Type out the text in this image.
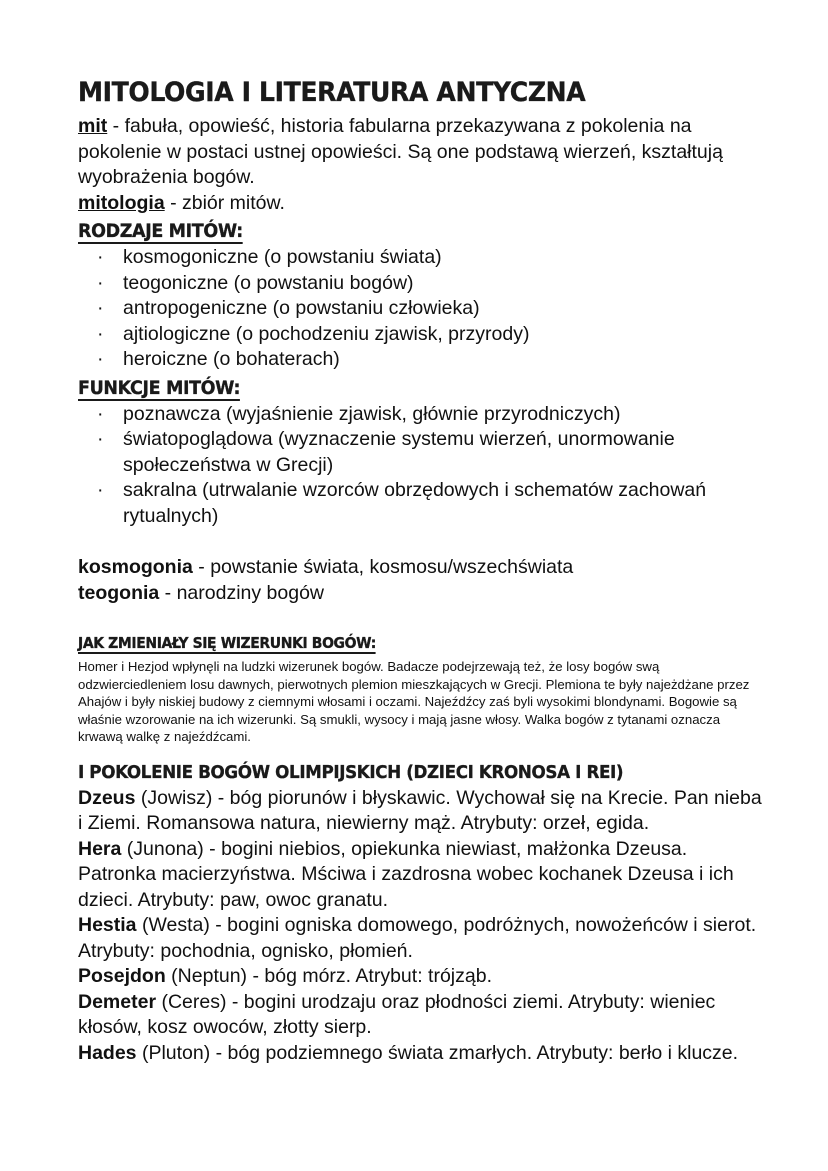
MITOLOGIA I LITERATURA ANTYCZNA

mit - fabuła, opowieść, historia fabularna przekazywana z pokolenia na pokolenie w postaci ustnej opowieści. Są one podstawą wierzeń, kształtują wyobrażenia bogów.

mitologia - zbiór mitów.

RODZAJE MITÓW:
· kosmogoniczne (o powstaniu świata)
· teogoniczne (o powstaniu bogów)
· antropogeniczne (o powstaniu człowieka)
· ajtiologiczne (o pochodzeniu zjawisk, przyrody)
· heroiczne (o bohaterach)
FUNKCJE MITÓW:
· poznawcza (wyjaśnienie zjawisk, głównie przyrodniczych)
· światopoglądowa (wyznaczenie systemu wierzeń, unormowanie społeczeństwa w Grecji)
· sakralna (utrwalanie wzorców obrzędowych i schematów zachowań rytualnych)

kosmogonia - powstanie świata, kosmosu/wszechświata

teogonia - narodziny bogów

JAK ZMIENIAŁY SIĘ WIZERUNKI BOGÓW:

Homer i Hezjod wpłynęli na ludzki wizerunek bogów. Badacze podejrzewają też, że losy bogów swą odzwierciedleniem losu dawnych, pierwotnych plemion mieszkających w Grecji. Plemiona te były najeżdżane przez Ahajów i były niskiej budowy z ciemnymi włosami i oczami. Najeźdźcy zaś byli wysokimi blondynami. Bogowie są właśnie wzorowanie na ich wizerunki. Są smukli, wysocy i mają jasne włosy. Walka bogów z tytanami oznacza krwawą walkę z najeźdźcami.

I POKOLENIE BOGÓW OLIMPIJSKICH (DZIECI KRONOSA I REI)

Dzeus (Jowisz) - bóg piorunów i błyskawic. Wychował się na Krecie. Pan nieba i Ziemi. Romansowa natura, niewierny mąż. Atrybuty: orzeł, egida.

Hera (Junona) - bogini niebios, opiekunka niewiast, małżonka Dzeusa. Patronka macierzyństwa. Mściwa i zazdrosna wobec kochanek Dzeusa i ich dzieci. Atrybuty: paw, owoc granatu.

Hestia (Westa) - bogini ogniska domowego, podróżnych, nowożeńców i sierot. Atrybuty: pochodnia, ognisko, płomień.

Posejdon (Neptun) - bóg mórz. Atrybut: trójząb.

Demeter (Ceres) - bogini urodzaju oraz płodności ziemi. Atrybuty: wieniec kłosów, kosz owoców, złotty sierp.

Hades (Pluton) - bóg podziemnego świata zmarłych. Atrybuty: berło i klucze.
